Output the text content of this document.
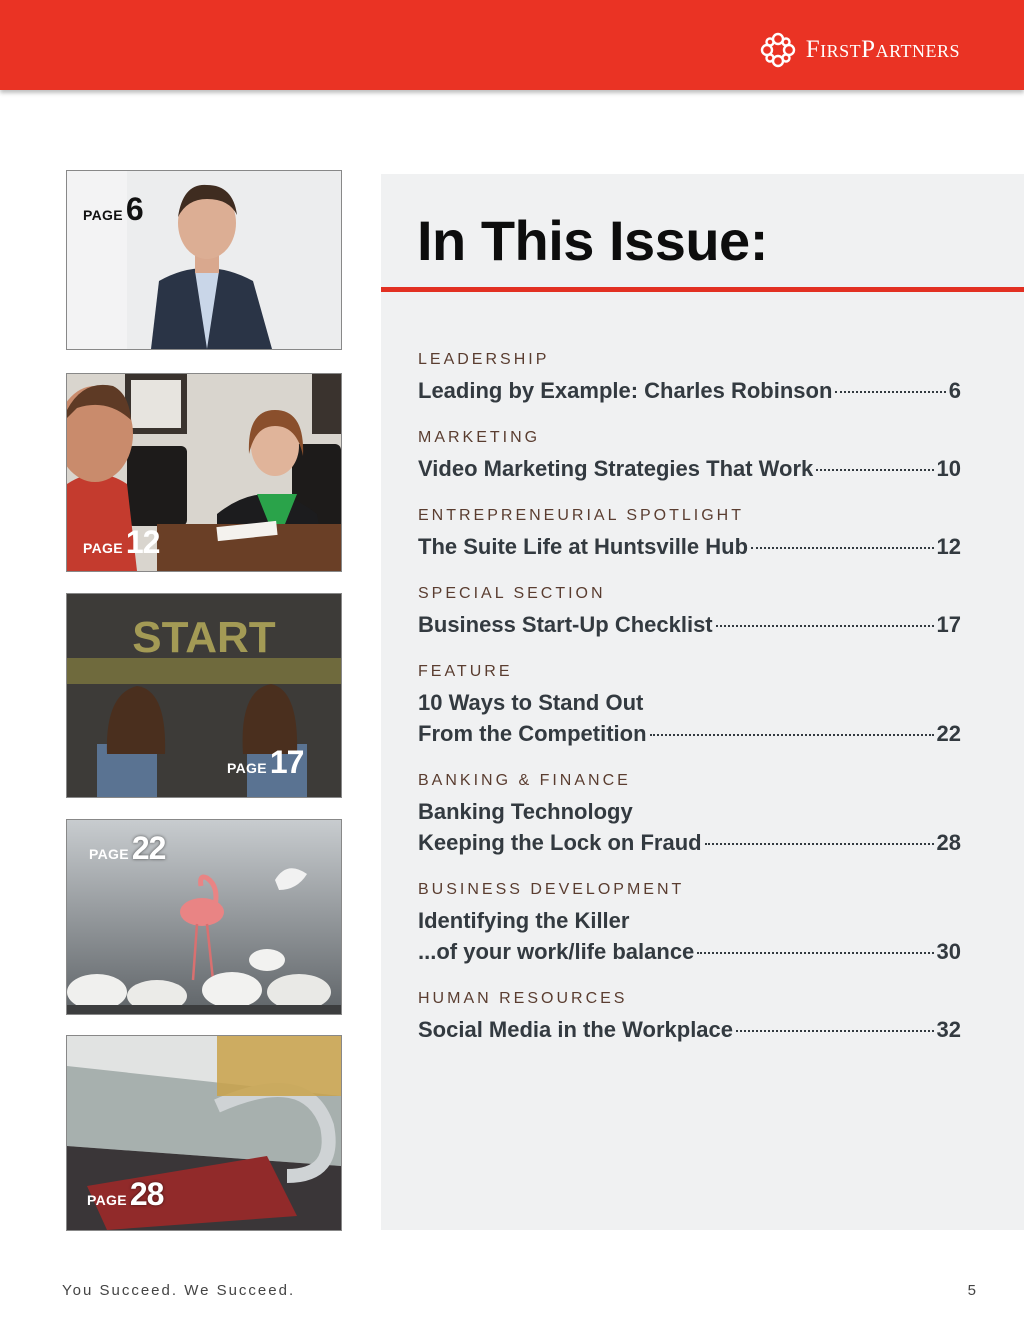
FirstPartners
PAGE6
PAGE12
START
PAGE17
PAGE22
PAGE28
In This Issue:
LEADERSHIP
Leading by Example: Charles Robinson	6
MARKETING
Video Marketing Strategies That Work	10
ENTREPRENEURIAL SPOTLIGHT
The Suite Life at Huntsville Hub	12
SPECIAL SECTION
Business Start-Up Checklist	17
FEATURE
10 Ways to Stand Out
From the Competition	22
BANKING & FINANCE
Banking Technology
Keeping the Lock on Fraud	28
BUSINESS DEVELOPMENT
Identifying the Killer
...of your work/life balance	30
HUMAN RESOURCES
Social Media in the Workplace	32
You Succeed. We Succeed.	5
